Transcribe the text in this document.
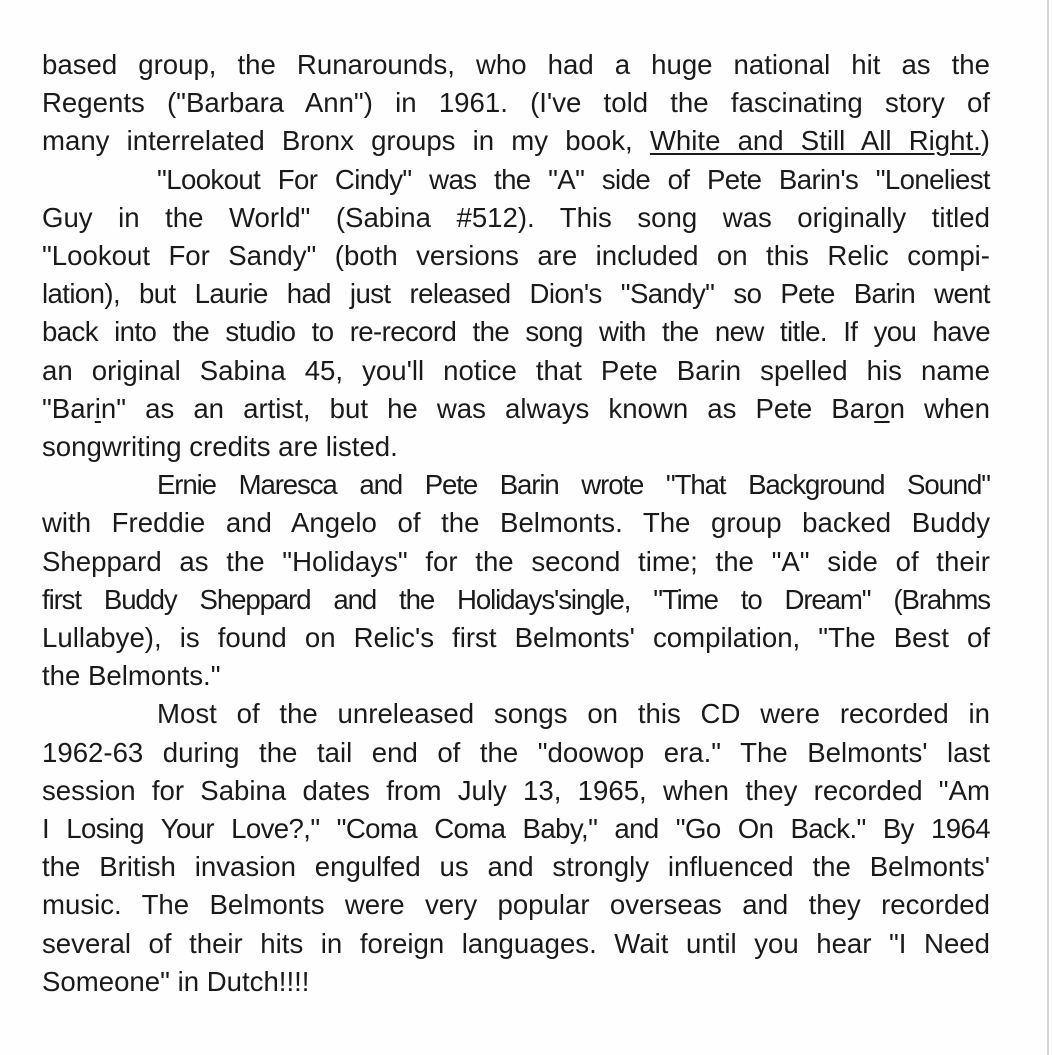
based group, the Runarounds, who had a huge national hit as the
Regents ("Barbara Ann") in 1961. (I've told the fascinating story of
many interrelated Bronx groups in my book, White and Still All Right.)

"Lookout For Cindy" was the "A" side of Pete Barin's "Loneliest
Guy in the World" (Sabina #512). This song was originally titled
"Lookout For Sandy" (both versions are included on this Relic compi-
lation), but Laurie had just released Dion's "Sandy" so Pete Barin went
back into the studio to re-record the song with the new title. If you have
an original Sabina 45, you'll notice that Pete Barin spelled his name
"Barin" as an artist, but he was always known as Pete Baron when
songwriting credits are listed.

Ernie Maresca and Pete Barin wrote "That Background Sound"
with Freddie and Angelo of the Belmonts. The group backed Buddy
Sheppard as the "Holidays" for the second time; the "A" side of their
first Buddy Sheppard and the Holidays'single, "Time to Dream" (Brahms
Lullabye), is found on Relic's first Belmonts' compilation, "The Best of
the Belmonts."

Most of the unreleased songs on this CD were recorded in
1962-63 during the tail end of the "doowop era." The Belmonts' last
session for Sabina dates from July 13, 1965, when they recorded "Am
I Losing Your Love?," "Coma Coma Baby," and "Go On Back." By 1964
the British invasion engulfed us and strongly influenced the Belmonts'
music. The Belmonts were very popular overseas and they recorded
several of their hits in foreign languages. Wait until you hear "I Need
Someone" in Dutch!!!!
